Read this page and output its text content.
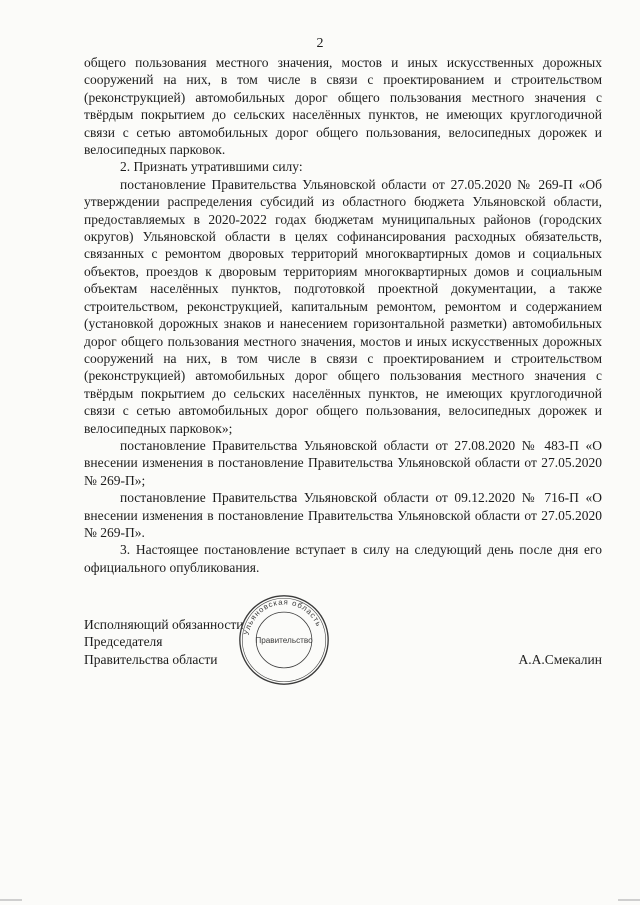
2

общего пользования местного значения, мостов и иных искусственных дорожных сооружений на них, в том числе в связи с проектированием и строительством (реконструкцией) автомобильных дорог общего пользования местного значения с твёрдым покрытием до сельских населённых пунктов, не имеющих круглогодичной связи с сетью автомобильных дорог общего пользования, велосипедных дорожек и велосипедных парковок.

2. Признать утратившими силу:

постановление Правительства Ульяновской области от 27.05.2020 № 269-П «Об утверждении распределения субсидий из областного бюджета Ульяновской области, предоставляемых в 2020-2022 годах бюджетам муниципальных районов (городских округов) Ульяновской области в целях софинансирования расходных обязательств, связанных с ремонтом дворовых территорий многоквартирных домов и социальных объектов, проездов к дворовым территориям многоквартирных домов и социальным объектам населённых пунктов, подготовкой проектной документации, а также строительством, реконструкцией, капитальным ремонтом, ремонтом и содержанием (установкой дорожных знаков и нанесением горизонтальной разметки) автомобильных дорог общего пользования местного значения, мостов и иных искусственных дорожных сооружений на них, в том числе в связи с проектированием и строительством (реконструкцией) автомобильных дорог общего пользования местного значения с твёрдым покрытием до сельских населённых пунктов, не имеющих круглогодичной связи с сетью автомобильных дорог общего пользования, велосипедных дорожек и велосипедных парковок»;

постановление Правительства Ульяновской области от 27.08.2020 № 483-П «О внесении изменения в постановление Правительства Ульяновской области от 27.05.2020 № 269-П»;

постановление Правительства Ульяновской области от 09.12.2020 № 716-П «О внесении изменения в постановление Правительства Ульяновской области от 27.05.2020 № 269-П».

3. Настоящее постановление вступает в силу на следующий день после дня его официального опубликования.

Исполняющий обязанности
Председателя
Правительства области	А.А.Смекалин
Ульяновская область
Правительство
